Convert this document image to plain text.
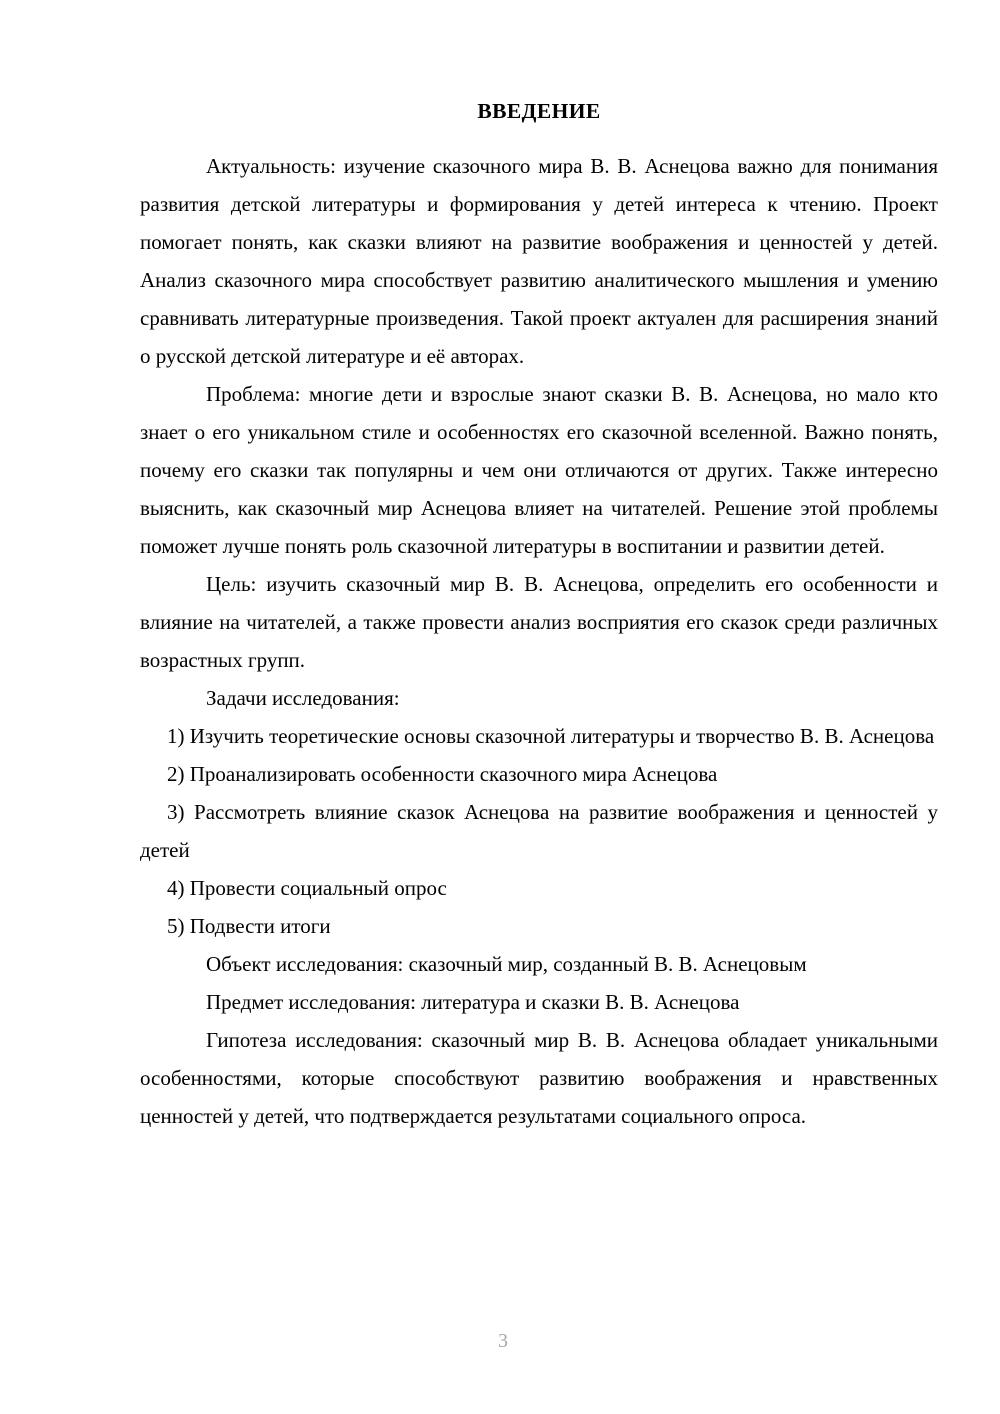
ВВЕДЕНИЕ

Актуальность: изучение сказочного мира В. В. Аснецова важно для понимания развития детской литературы и формирования у детей интереса к чтению. Проект помогает понять, как сказки влияют на развитие воображения и ценностей у детей. Анализ сказочного мира способствует развитию аналитического мышления и умению сравнивать литературные произведения. Такой проект актуален для расширения знаний о русской детской литературе и её авторах.

Проблема: многие дети и взрослые знают сказки В. В. Аснецова, но мало кто знает о его уникальном стиле и особенностях его сказочной вселенной. Важно понять, почему его сказки так популярны и чем они отличаются от других. Также интересно выяснить, как сказочный мир Аснецова влияет на читателей. Решение этой проблемы поможет лучше понять роль сказочной литературы в воспитании и развитии детей.

Цель: изучить сказочный мир В. В. Аснецова, определить его особенности и влияние на читателей, а также провести анализ восприятия его сказок среди различных возрастных групп.

Задачи исследования:

1) Изучить теоретические основы сказочной литературы и творчество В. В. Аснецова

2) Проанализировать особенности сказочного мира Аснецова

3) Рассмотреть влияние сказок Аснецова на развитие воображения и ценностей у детей

4) Провести социальный опрос

5) Подвести итоги

Объект исследования: сказочный мир, созданный В. В. Аснецовым

Предмет исследования: литература и сказки В. В. Аснецова

Гипотеза исследования: сказочный мир В. В. Аснецова обладает уникальными особенностями, которые способствуют развитию воображения и нравственных ценностей у детей, что подтверждается результатами социального опроса.

3
